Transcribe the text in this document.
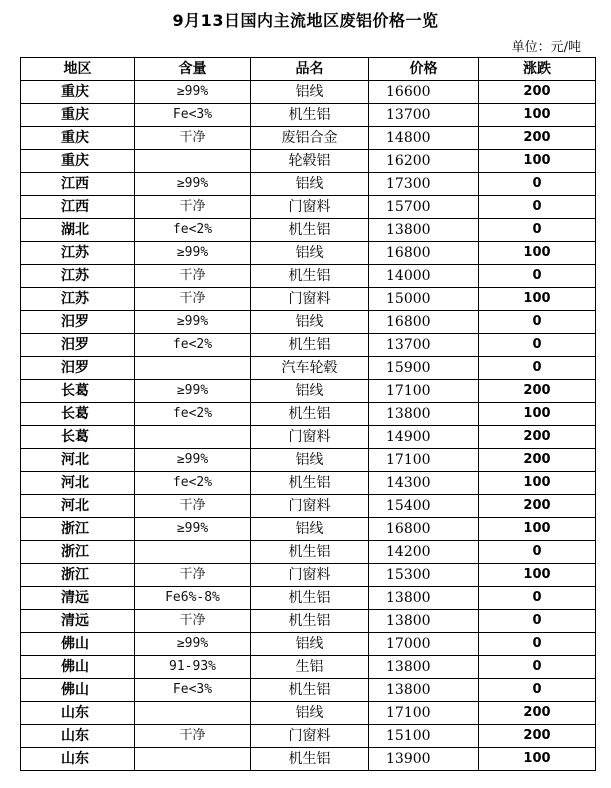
9月13日国内主流地区废铝价格一览
单位：元/吨
地区	含量	品名	价格	涨跌
重庆	≥99%	铝线	16600	200
重庆	Fe<3%	机生铝	13700	100
重庆	干净	废铝合金	14800	200
重庆		轮毂铝	16200	100
江西	≥99%	铝线	17300	0
江西	干净	门窗料	15700	0
湖北	fe<2%	机生铝	13800	0
江苏	≥99%	铝线	16800	100
江苏	干净	机生铝	14000	0
江苏	干净	门窗料	15000	100
汨罗	≥99%	铝线	16800	0
汨罗	fe<2%	机生铝	13700	0
汨罗		汽车轮毂	15900	0
长葛	≥99%	铝线	17100	200
长葛	fe<2%	机生铝	13800	100
长葛		门窗料	14900	200
河北	≥99%	铝线	17100	200
河北	fe<2%	机生铝	14300	100
河北	干净	门窗料	15400	200
浙江	≥99%	铝线	16800	100
浙江		机生铝	14200	0
浙江	干净	门窗料	15300	100
清远	Fe6%-8%	机生铝	13800	0
清远	干净	机生铝	13800	0
佛山	≥99%	铝线	17000	0
佛山	91-93%	生铝	13800	0
佛山	Fe<3%	机生铝	13800	0
山东		铝线	17100	200
山东	干净	门窗料	15100	200
山东		机生铝	13900	100
